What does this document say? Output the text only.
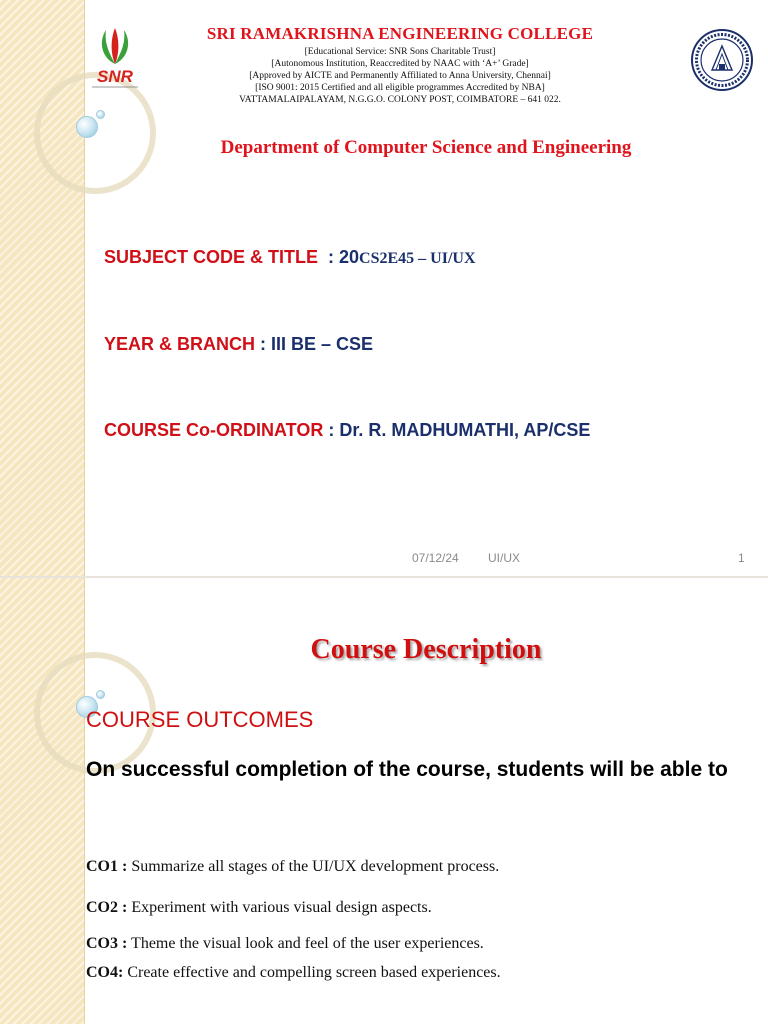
SNR
SRI RAMAKRISHNA ENGINEERING COLLEGE
[Educational Service: SNR Sons Charitable Trust]
[Autonomous Institution, Reaccredited by NAAC with ‘A+’ Grade]
[Approved by AICTE and Permanently Affiliated to Anna University, Chennai]
[ISO 9001: 2015 Certified and all eligible programmes Accredited by NBA]
VATTAMALAIPALAYAM, N.G.G.O. COLONY POST, COIMBATORE – 641 022.
Department of Computer Science and Engineering
SUBJECT CODE & TITLE  : 20CS2E45 – UI/UX
YEAR & BRANCH : III BE – CSE
COURSE Co-ORDINATOR : Dr. R. MADHUMATHI, AP/CSE
07/12/24 UI/UX	1
Course Description
COURSE OUTCOMES
On successful completion of the course, students will be able to
CO1 : Summarize all stages of the UI/UX development process.
CO2 : Experiment with various visual design aspects.
CO3 : Theme the visual look and feel of the user experiences.
CO4: Create effective and compelling screen based experiences.
